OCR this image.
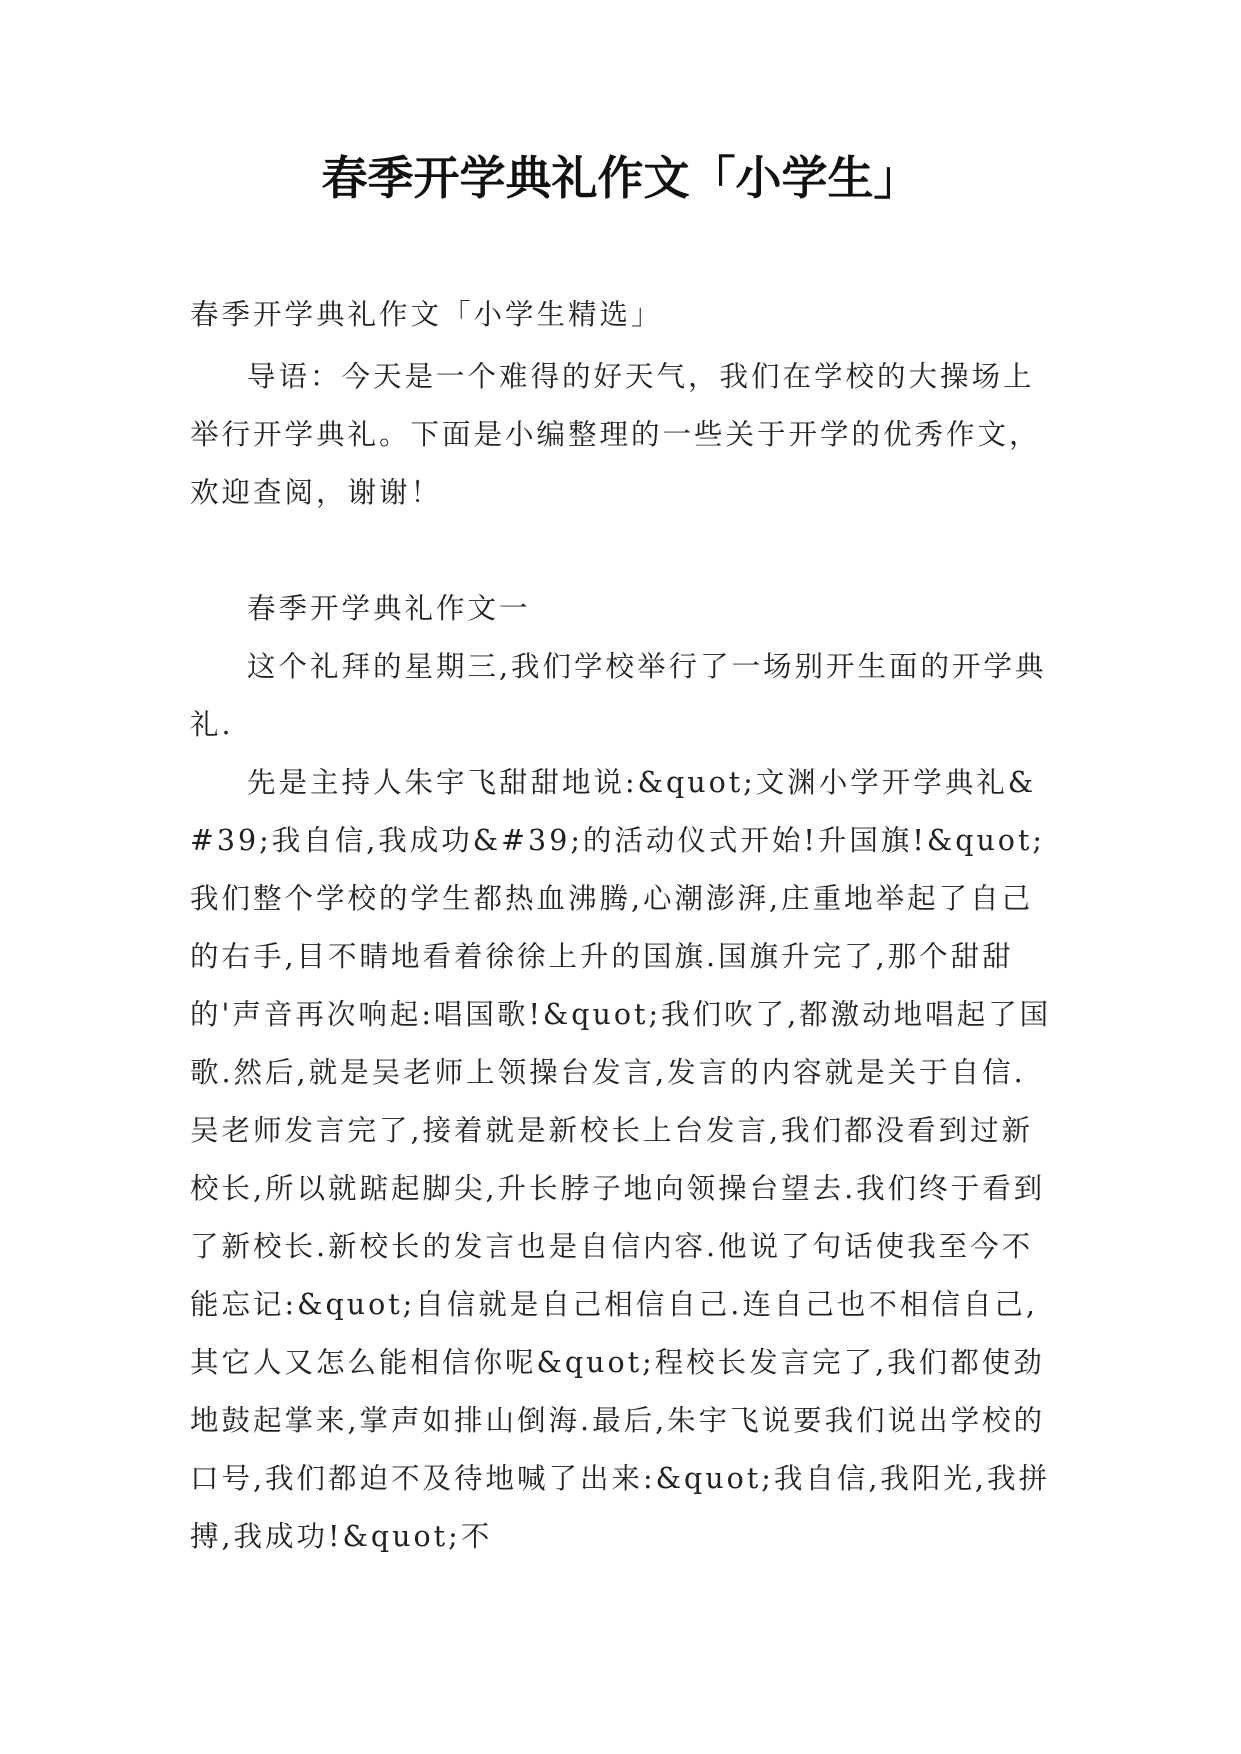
春季开学典礼作文「小学生」

春季开学典礼作文「小学生精选」

导语：今天是一个难得的好天气，我们在学校的大操场上举行开学典礼。下面是小编整理的一些关于开学的优秀作文，欢迎查阅，谢谢！

春季开学典礼作文一

这个礼拜的星期三,我们学校举行了一场别开生面的开学典礼.

先是主持人朱宇飞甜甜地说:&quot;文渊小学开学典礼&#39;我自信,我成功&#39;的活动仪式开始!升国旗!&quot;我们整个学校的学生都热血沸腾,心潮澎湃,庄重地举起了自己的右手,目不睛地看着徐徐上升的国旗.国旗升完了,那个甜甜的'声音再次响起:唱国歌!&quot;我们吹了,都激动地唱起了国歌.然后,就是吴老师上领操台发言,发言的内容就是关于自信.吴老师发言完了,接着就是新校长上台发言,我们都没看到过新校长,所以就踮起脚尖,升长脖子地向领操台望去.我们终于看到了新校长.新校长的发言也是自信内容.他说了句话使我至今不能忘记:&quot;自信就是自己相信自己.连自己也不相信自己,其它人又怎么能相信你呢&quot;程校长发言完了,我们都使劲地鼓起掌来,掌声如排山倒海.最后,朱宇飞说要我们说出学校的口号,我们都迫不及待地喊了出来:&quot;我自信,我阳光,我拼搏,我成功!&quot;不
